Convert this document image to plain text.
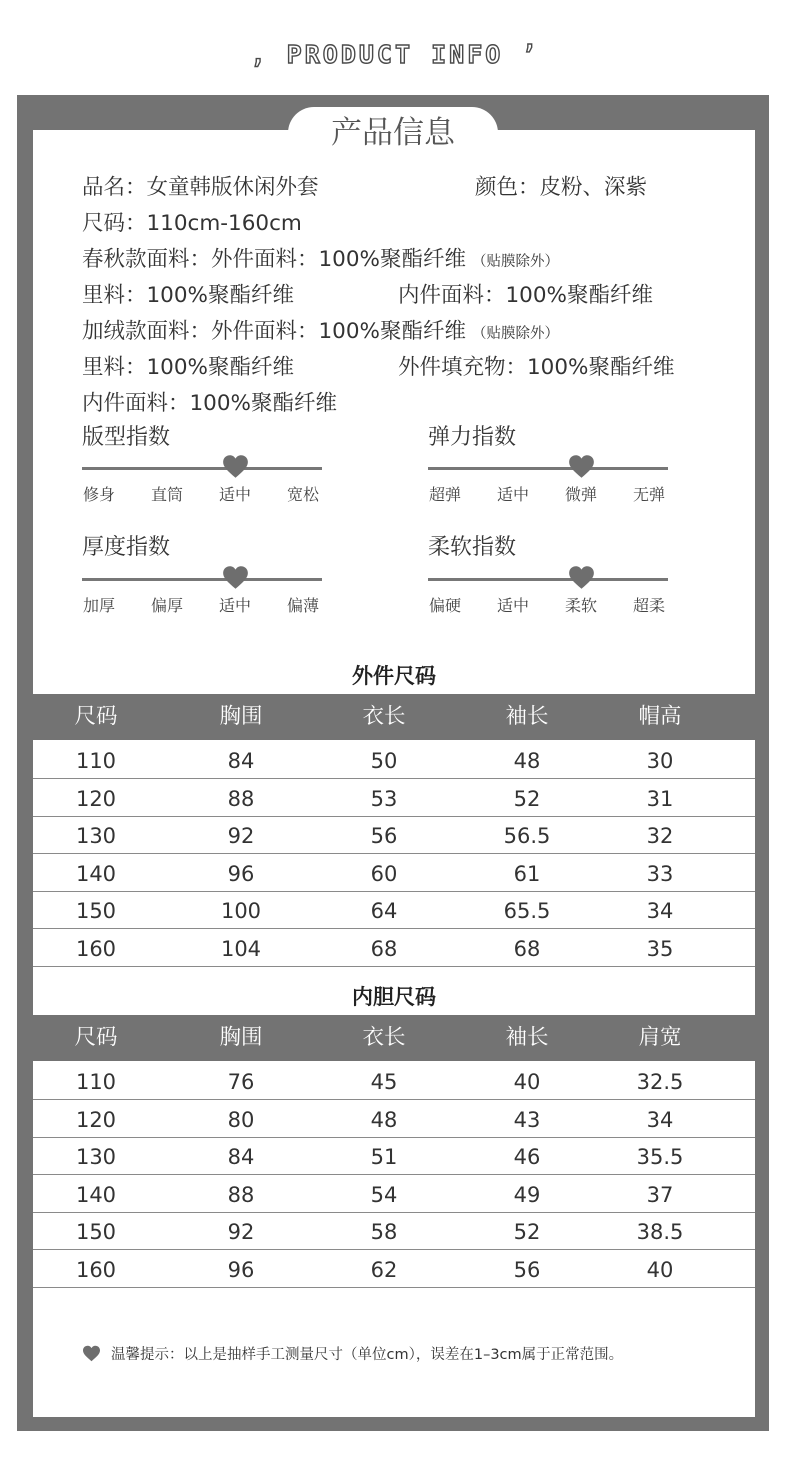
‚ PRODUCT INFO ’
产品信息
品名：女童韩版休闲外套	颜色：皮粉、深紫
尺码：110cm-160cm
春秋款面料：外件面料：100%聚酯纤维 （贴膜除外）
里料：100%聚酯纤维	内件面料：100%聚酯纤维
加绒款面料：外件面料：100%聚酯纤维 （贴膜除外）
里料：100%聚酯纤维	外件填充物：100%聚酯纤维
内件面料：100%聚酯纤维
版型指数
修身 直筒 适中 宽松
弹力指数
超弹 适中 微弹 无弹
厚度指数
加厚 偏厚 适中 偏薄
柔软指数
偏硬 适中 柔软 超柔
外件尺码
尺码	胸围	衣长	袖长	帽高
110	84	50	48	30
120	88	53	52	31
130	92	56	56.5	32
140	96	60	61	33
150	100	64	65.5	34
160	104	68	68	35
内胆尺码
尺码	胸围	衣长	袖长	肩宽
110	76	45	40	32.5
120	80	48	43	34
130	84	51	46	35.5
140	88	54	49	37
150	92	58	52	38.5
160	96	62	56	40
温馨提示：以上是抽样手工测量尺寸（单位cm），误差在1–3cm属于正常范围。
